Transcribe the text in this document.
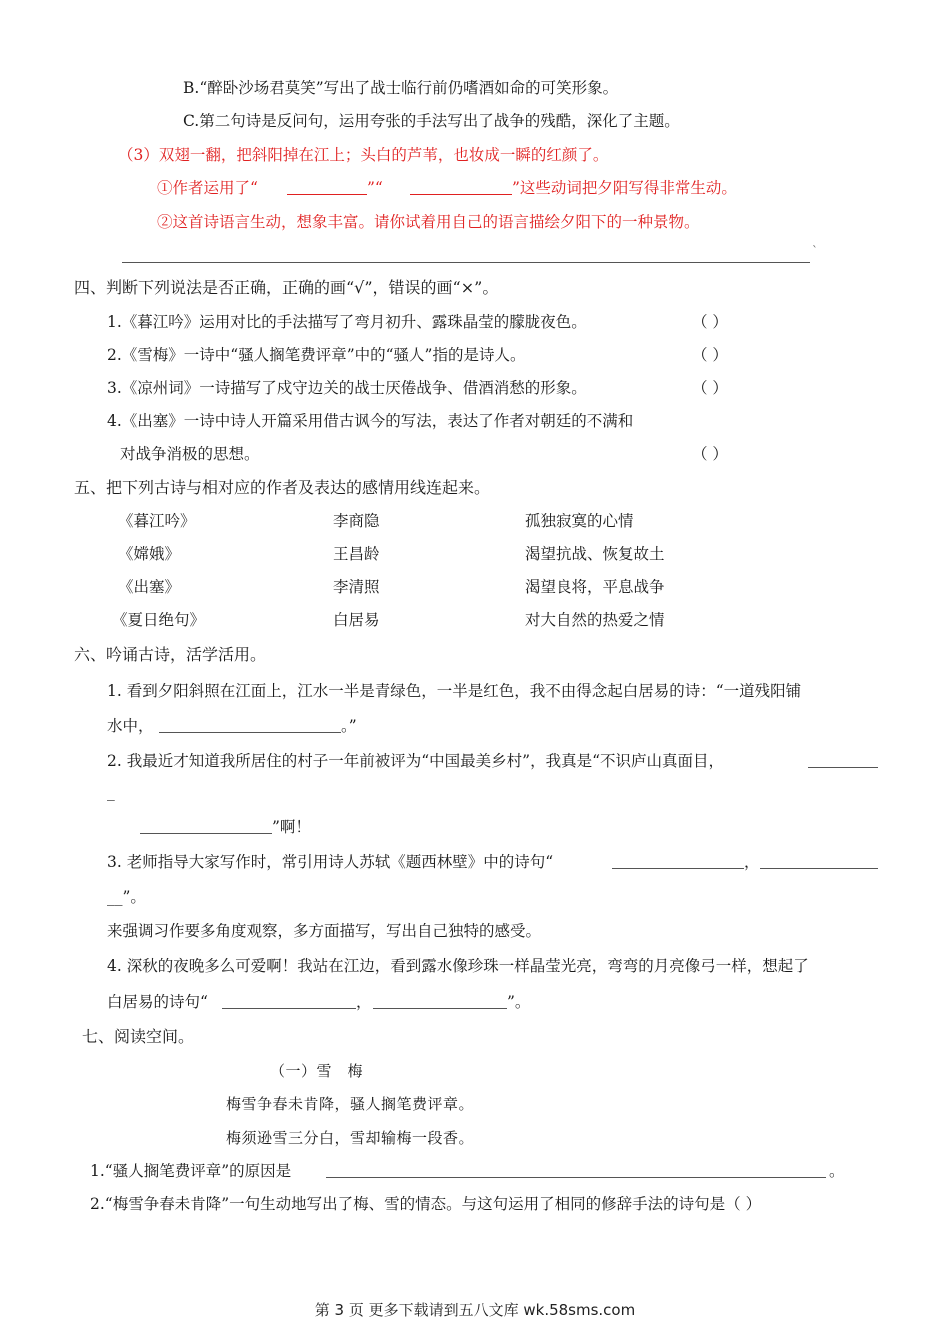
B.“醉卧沙场君莫笑”写出了战士临行前仍嗜酒如命的可笑形象。
C.第二句诗是反问句，运用夸张的手法写出了战争的残酷，深化了主题。
（3）双翅一翻，把斜阳掉在江上；头白的芦苇，也妆成一瞬的红颜了。
①作者运用了“	”“	”这些动词把夕阳写得非常生动。
②这首诗语言生动，想象丰富。请你试着用自己的语言描绘夕阳下的一种景物。
`
四、判断下列说法是否正确，正确的画“√”，错误的画“×”。
1.《暮江吟》运用对比的手法描写了弯月初升、露珠晶莹的朦胧夜色。	（ ）
2.《雪梅》一诗中“骚人搁笔费评章”中的“骚人”指的是诗人。	（ ）
3.《凉州词》一诗描写了戍守边关的战士厌倦战争、借酒消愁的形象。	（ ）
4.《出塞》一诗中诗人开篇采用借古讽今的写法，表达了作者对朝廷的不满和
对战争消极的思想。	（ ）
五、把下列古诗与相对应的作者及表达的感情用线连起来。
《暮江吟》	李商隐	孤独寂寞的心情
《嫦娥》	王昌龄	渴望抗战、恢复故土
《出塞》	李清照	渴望良将，平息战争
《夏日绝句》	白居易	对大自然的热爱之情
六、吟诵古诗，活学活用。
1. 看到夕阳斜照在江面上，江水一半是青绿色，一半是红色，我不由得念起白居易的诗：“一道残阳铺
水中，	。”
2. 我最近才知道我所居住的村子一年前被评为“中国最美乡村”，我真是“不识庐山真面目，
_
”啊！
3. 老师指导大家写作时，常引用诗人苏轼《题西林壁》中的诗句“	，
__”。
来强调习作要多角度观察，多方面描写，写出自己独特的感受。
4. 深秋的夜晚多么可爱啊！我站在江边，看到露水像珍珠一样晶莹光亮，弯弯的月亮像弓一样，想起了
白居易的诗句“	，	”。
七、阅读空间。
（一）雪　梅
梅雪争春未肯降，骚人搁笔费评章。
梅须逊雪三分白，雪却输梅一段香。
1.“骚人搁笔费评章”的原因是	。
2.“梅雪争春未肯降”一句生动地写出了梅、雪的情态。与这句运用了相同的修辞手法的诗句是（ ）
第 3 页 更多下载请到五八文库 wk.58sms.com
